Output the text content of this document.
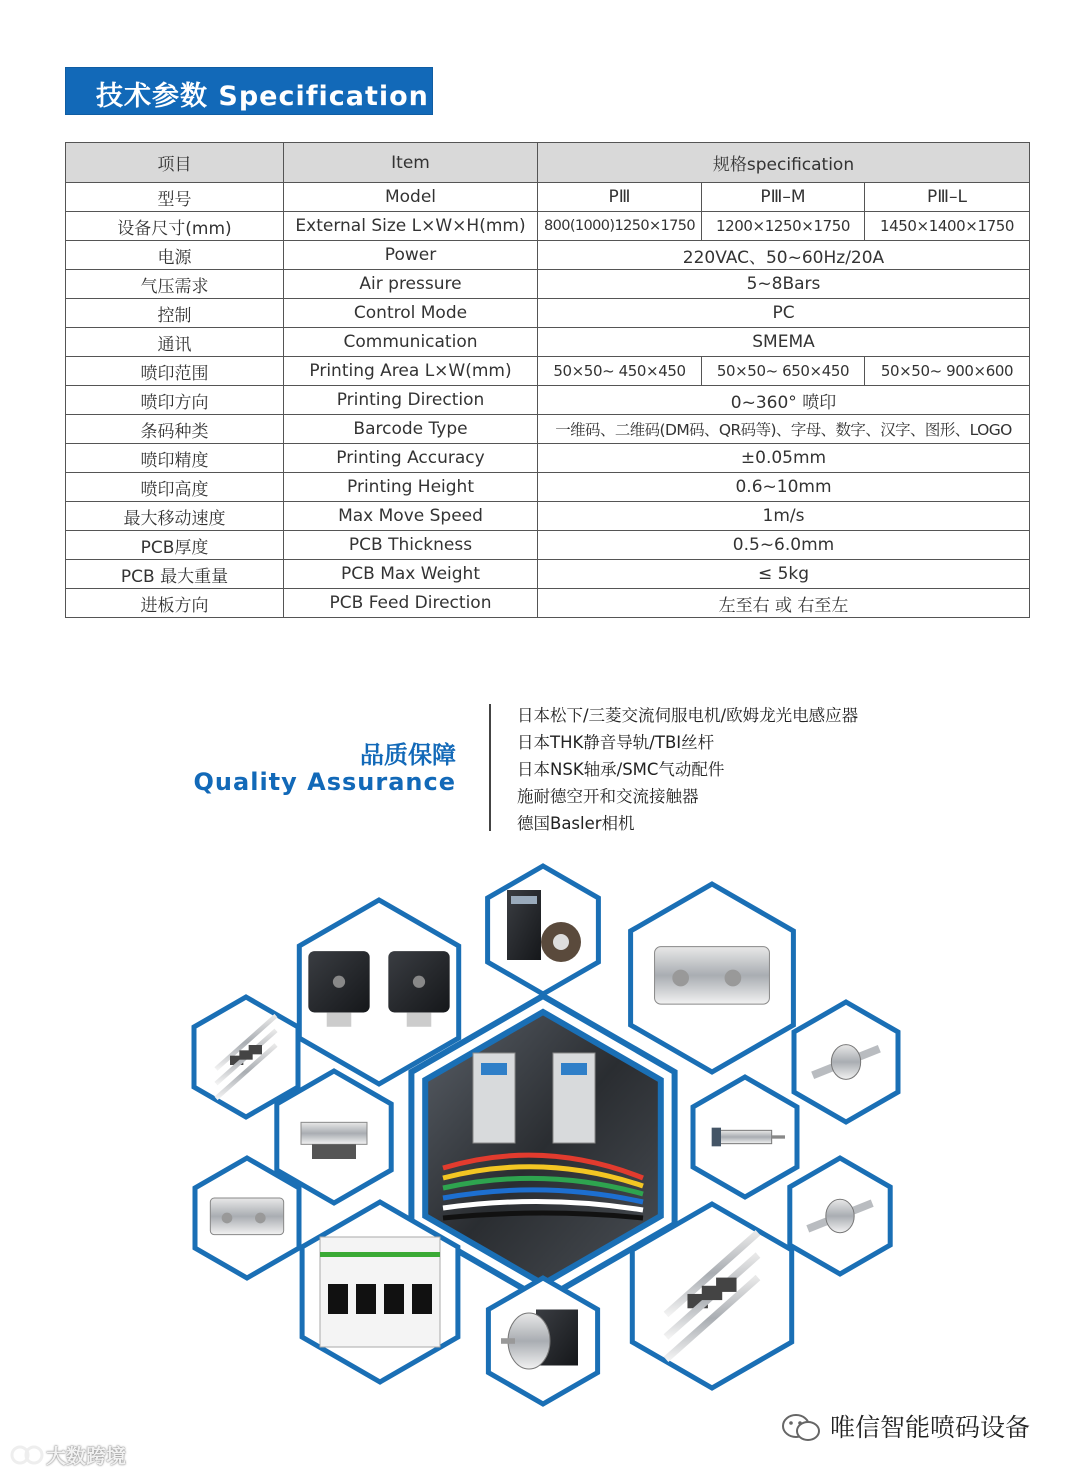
技术参数 Specification
项目	Item	规格specification		
型号	Model	PⅢ	PⅢ–M	PⅢ–L
设备尺寸(mm)	External Size L×W×H(mm)	800(1000)1250×1750	1200×1250×1750	1450×1400×1750
电源	Power	220VAC、50~60Hz/20A		
气压需求	Air pressure	5~8Bars		
控制	Control Mode	PC		
通讯	Communication	SMEMA		
喷印范围	Printing Area L×W(mm)	50×50~ 450×450	50×50~ 650×450	50×50~ 900×600
喷印方向	Printing Direction	0~360° 喷印		
条码种类	Barcode Type	一维码、二维码(DM码、QR码等)、字母、数字、汉字、图形、LOGO		
喷印精度	Printing Accuracy	±0.05mm		
喷印高度	Printing Height	0.6~10mm		
最大移动速度	Max Move Speed	1m/s		
PCB厚度	PCB Thickness	0.5~6.0mm		
PCB 最大重量	PCB Max Weight	≤ 5kg		
进板方向	PCB Feed Direction	左至右 或 右至左		
品质保障
Quality Assurance
日本松下/三菱交流伺服电机/欧姆龙光电感应器
日本THK静音导轨/TBI丝杆
日本NSK轴承/SMC气动配件
施耐德空开和交流接触器
德国Basler相机
唯信智能喷码设备
大数跨境
